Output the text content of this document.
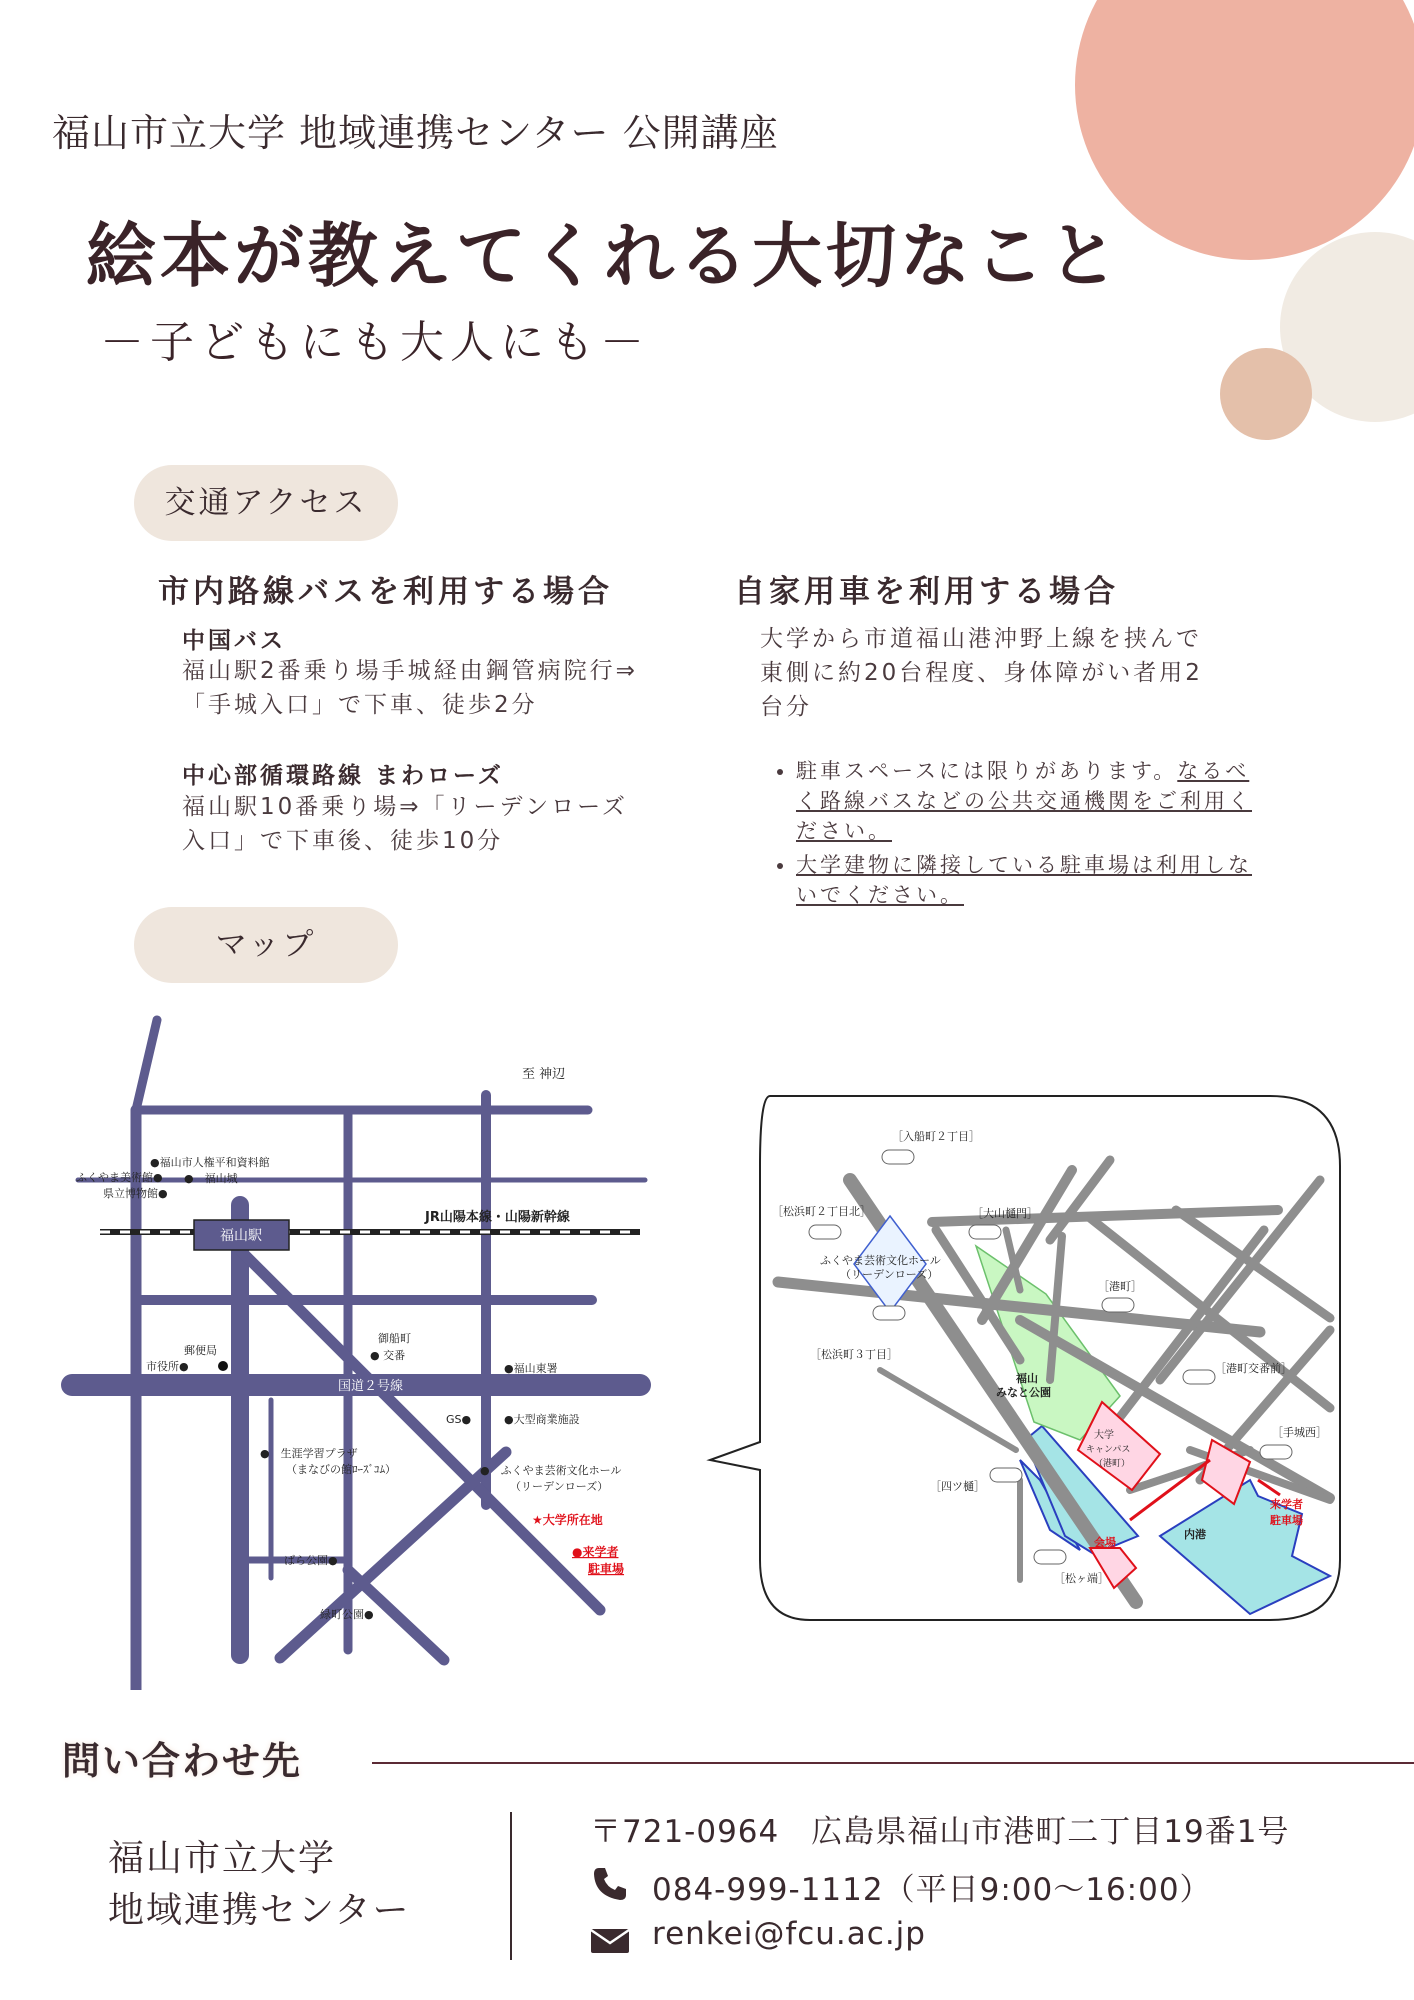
福山市立大学 地域連携センター 公開講座
絵本が教えてくれる大切なこと
－子どもにも大人にも－
交通アクセス
市内路線バスを利用する場合
中国バス
福山駅2番乗り場手城経由鋼管病院行⇒
「手城入口」で下車、徒歩2分
中心部循環路線 まわローズ
福山駅10番乗り場⇒「リーデンローズ
入口」で下車後、徒歩10分
自家用車を利用する場合
大学から市道福山港沖野上線を挟んで
東側に約20台程度、身体障がい者用2
台分
• 駐車スペースには限りがあります。なるべ
く路線バスなどの公共交通機関をご利用く
ださい。
• 大学建物に隣接している駐車場は利用しな
いでください。
マップ
福山駅
至 神辺
●福山市人権平和資料館
ふくやま美術館●
県立博物館●
●　福山城
JR山陽本線・山陽新幹線
郵便局
市役所●
御船町
● 交番
●福山東署
国道２号線
GS●	●大型商業施設
●　生涯学習プラザ
（まなびの館ﾛｰｽﾞｺﾑ）	●　ふくやま芸術文化ホール
（リーデンローズ）
★大学所在地
●来学者
駐車場
ばら公園●
緑町公園●
［入船町２丁目］
［松浜町２丁目北］	［大山樋門］
ふくやま芸術文化ホール
（リーデンローズ）
［港町］
［松浜町３丁目］
［港町交番前］
福山
みなと公園
大学
キャンパス
（港町）
［手城西］
［四ツ樋］
来学者
駐車場
会場
内港
［松ヶ端］
問い合わせ先
福山市立大学
地域連携センター
〒721-0964　広島県福山市港町二丁目19番1号
084-999-1112（平日9:00～16:00）
renkei@fcu.ac.jp
